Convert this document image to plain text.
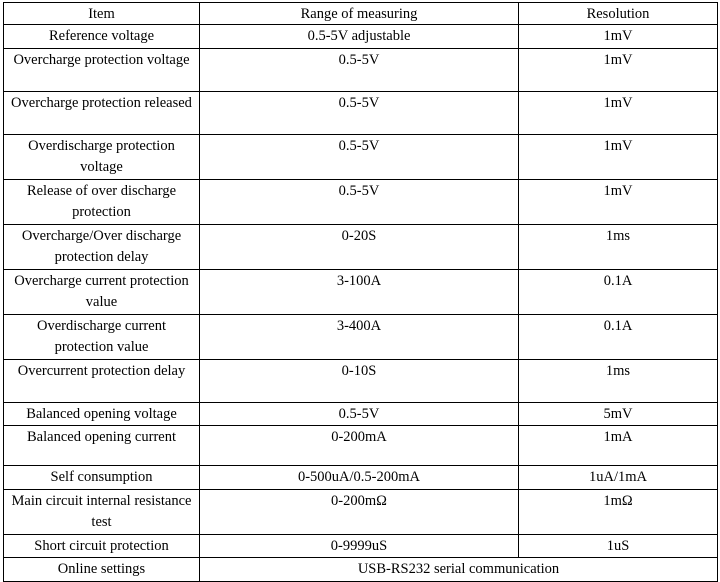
Item	Range of measuring	Resolution
Reference voltage	0.5-5V adjustable	1mV
Overcharge protection voltage	0.5-5V	1mV
Overcharge protection released	0.5-5V	1mV
Overdischarge protection voltage	0.5-5V	1mV
Release of over discharge protection	0.5-5V	1mV
Overcharge/Over discharge protection delay	0-20S	1ms
Overcharge current protection value	3-100A	0.1A
Overdischarge current protection value	3-400A	0.1A
Overcurrent protection delay	0-10S	1ms
Balanced opening voltage	0.5-5V	5mV
Balanced opening current	0-200mA	1mA
Self consumption	0-500uA/0.5-200mA	1uA/1mA
Main circuit internal resistance test	0-200mΩ	1mΩ
Short circuit protection	0-9999uS	1uS
Online settings	USB-RS232 serial communication	
